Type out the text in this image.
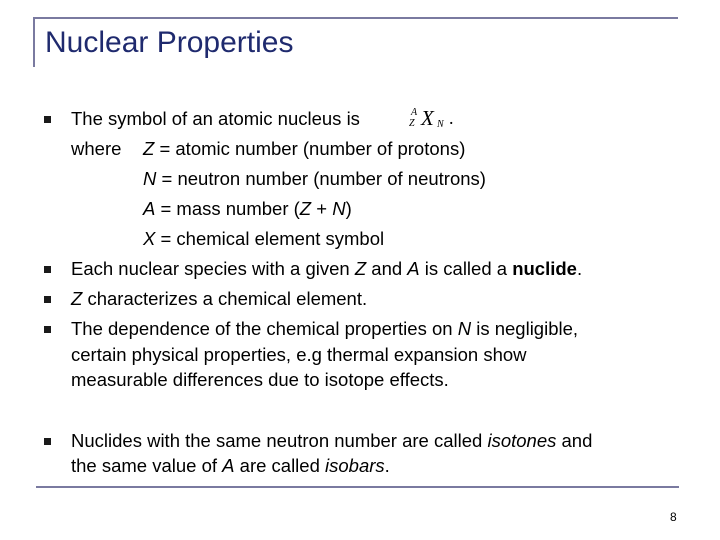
Nuclear Properties
The symbol of an atomic nucleus is	A
Z X N .
where Z = atomic number (number of protons)
N = neutron number (number of neutrons)
A = mass number (Z + N)
X = chemical element symbol
Each nuclear species with a given Z and A is called a nuclide.
Z characterizes a chemical element.
The dependence of the chemical properties on N is negligible,
certain physical properties, e.g thermal expansion show
measurable differences due to isotope effects.
Nuclides with the same neutron number are called isotones and
the same value of A are called isobars.
8
